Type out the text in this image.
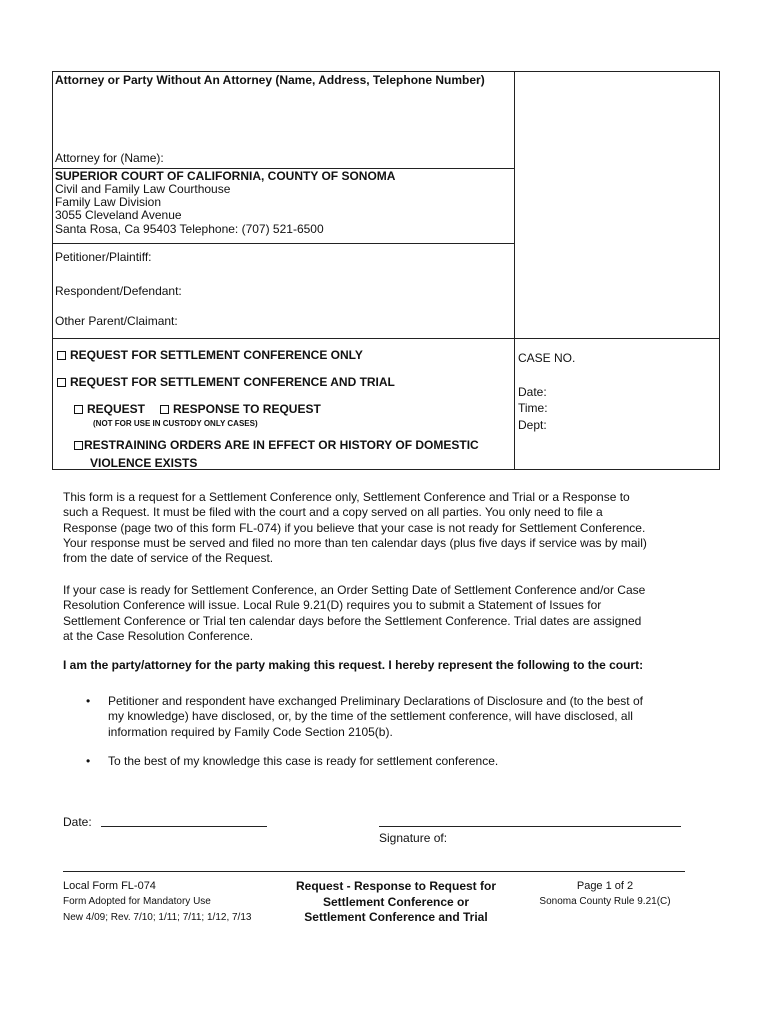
Attorney or Party Without An Attorney (Name, Address, Telephone Number)
Attorney for (Name):
SUPERIOR COURT OF CALIFORNIA, COUNTY OF SONOMA
Civil and Family Law Courthouse
Family Law Division
3055 Cleveland Avenue
Santa Rosa, Ca 95403 Telephone: (707) 521-6500
Petitioner/Plaintiff:
Respondent/Defendant:
Other Parent/Claimant:
REQUEST FOR SETTLEMENT CONFERENCE ONLY
REQUEST FOR SETTLEMENT CONFERENCE AND TRIAL
REQUEST	RESPONSE TO REQUEST
(NOT FOR USE IN CUSTODY ONLY CASES)
RESTRAINING ORDERS ARE IN EFFECT OR HISTORY OF DOMESTIC
VIOLENCE EXISTS
CASE NO.
Date:
Time:
Dept:
This form is a request for a Settlement Conference only, Settlement Conference and Trial or a Response to
such a Request. It must be filed with the court and a copy served on all parties. You only need to file a
Response (page two of this form FL-074) if you believe that your case is not ready for Settlement Conference.
Your response must be served and filed no more than ten calendar days (plus five days if service was by mail)
from the date of service of the Request.
If your case is ready for Settlement Conference, an Order Setting Date of Settlement Conference and/or Case
Resolution Conference will issue. Local Rule 9.21(D) requires you to submit a Statement of Issues for
Settlement Conference or Trial ten calendar days before the Settlement Conference. Trial dates are assigned
at the Case Resolution Conference.
I am the party/attorney for the party making this request. I hereby represent the following to the court:
• Petitioner and respondent have exchanged Preliminary Declarations of Disclosure and (to the best of
my knowledge) have disclosed, or, by the time of the settlement conference, will have disclosed, all
information required by Family Code Section 2105(b).
• To the best of my knowledge this case is ready for settlement conference.
Date:
Signature of:
Local Form FL-074
Form Adopted for Mandatory Use
New 4/09; Rev. 7/10; 1/11; 7/11; 1/12, 7/13
Request - Response to Request for
Settlement Conference or
Settlement Conference and Trial
Page 1 of 2
Sonoma County Rule 9.21(C)
